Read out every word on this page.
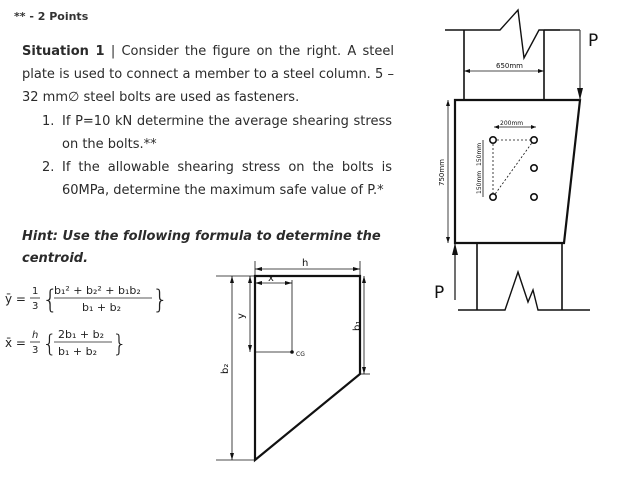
** - 2 Points
Situation 1 | Consider the figure on the right. A steel plate is used to connect a member to a steel column. 5 – 32 mm∅ steel bolts are used as fasteners.
1. If P=10 kN determine the average shearing stress on the bolts.**
2. If the allowable shearing stress on the bolts is 60MPa, determine the maximum safe value of P.*
Hint: Use the following formula to determine the centroid.
ȳ =
1
3 {
b₁² + b₂² + b₁b₂
b₁ + b₂ }
x̄ =
h
3 { 2b₁ + b₂
b₁ + b₂ }
h
x
y
b₁
b₂
CG
P
P
650mm
200mm
750mm	150mm
150mm
